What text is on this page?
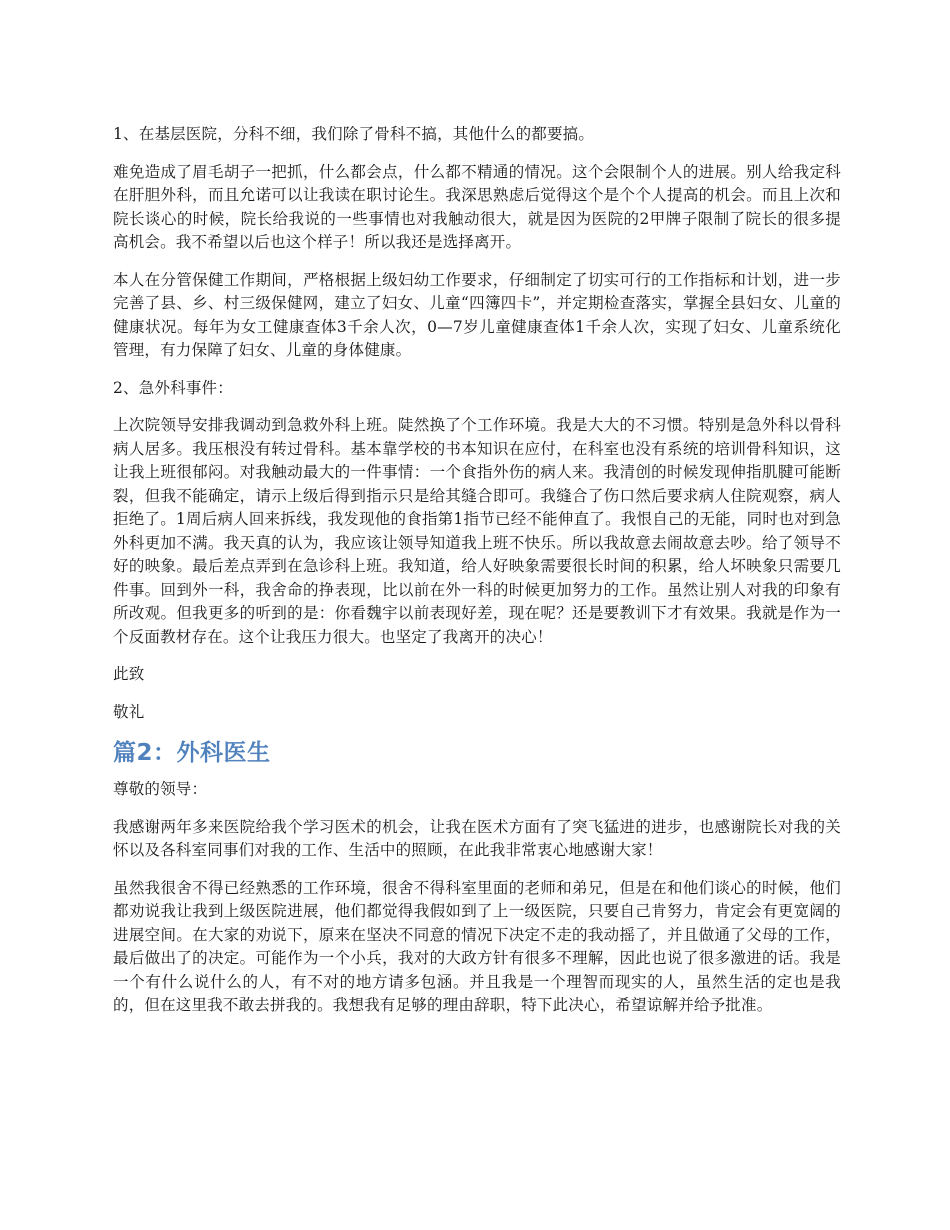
1、在基层医院，分科不细，我们除了骨科不搞，其他什么的都要搞。

难免造成了眉毛胡子一把抓，什么都会点，什么都不精通的情况。这个会限制个人的进展。别人给我定科在肝胆外科，而且允诺可以让我读在职讨论生。我深思熟虑后觉得这个是个个人提高的机会。而且上次和院长谈心的时候，院长给我说的一些事情也对我触动很大，就是因为医院的2甲牌子限制了院长的很多提高机会。我不希望以后也这个样子！所以我还是选择离开。

本人在分管保健工作期间，严格根据上级妇幼工作要求，仔细制定了切实可行的工作指标和计划，进一步完善了县、乡、村三级保健网，建立了妇女、儿童“四簿四卡”，并定期检查落实，掌握全县妇女、儿童的健康状况。每年为女工健康查体3千余人次，0—7岁儿童健康查体1千余人次，实现了妇女、儿童系统化管理，有力保障了妇女、儿童的身体健康。

2、急外科事件：

上次院领导安排我调动到急救外科上班。陡然换了个工作环境。我是大大的不习惯。特别是急外科以骨科病人居多。我压根没有转过骨科。基本靠学校的书本知识在应付，在科室也没有系统的培训骨科知识，这让我上班很郁闷。对我触动最大的一件事情：一个食指外伤的病人来。我清创的时候发现伸指肌腱可能断裂，但我不能确定，请示上级后得到指示只是给其缝合即可。我缝合了伤口然后要求病人住院观察，病人拒绝了。1周后病人回来拆线，我发现他的食指第1指节已经不能伸直了。我恨自己的无能，同时也对到急外科更加不满。我天真的认为，我应该让领导知道我上班不快乐。所以我故意去闹故意去吵。给了领导不好的映象。最后差点弄到在急诊科上班。我知道，给人好映象需要很长时间的积累，给人坏映象只需要几件事。回到外一科，我舍命的挣表现，比以前在外一科的时候更加努力的工作。虽然让别人对我的印象有所改观。但我更多的听到的是：你看魏宇以前表现好差，现在呢？还是要教训下才有效果。我就是作为一个反面教材存在。这个让我压力很大。也坚定了我离开的决心！

此致

敬礼

篇2：外科医生

尊敬的领导：

我感谢两年多来医院给我个学习医术的机会，让我在医术方面有了突飞猛进的进步，也感谢院长对我的关怀以及各科室同事们对我的工作、生活中的照顾，在此我非常衷心地感谢大家！

虽然我很舍不得已经熟悉的工作环境，很舍不得科室里面的老师和弟兄，但是在和他们谈心的时候，他们都劝说我让我到上级医院进展，他们都觉得我假如到了上一级医院，只要自己肯努力，肯定会有更宽阔的进展空间。在大家的劝说下，原来在坚决不同意的情况下决定不走的我动摇了，并且做通了父母的工作，最后做出了的决定。可能作为一个小兵，我对的大政方针有很多不理解，因此也说了很多激进的话。我是一个有什么说什么的人，有不对的地方请多包涵。并且我是一个理智而现实的人，虽然生活的定也是我的，但在这里我不敢去拼我的。我想我有足够的理由辞职，特下此决心，希望谅解并给予批准。
